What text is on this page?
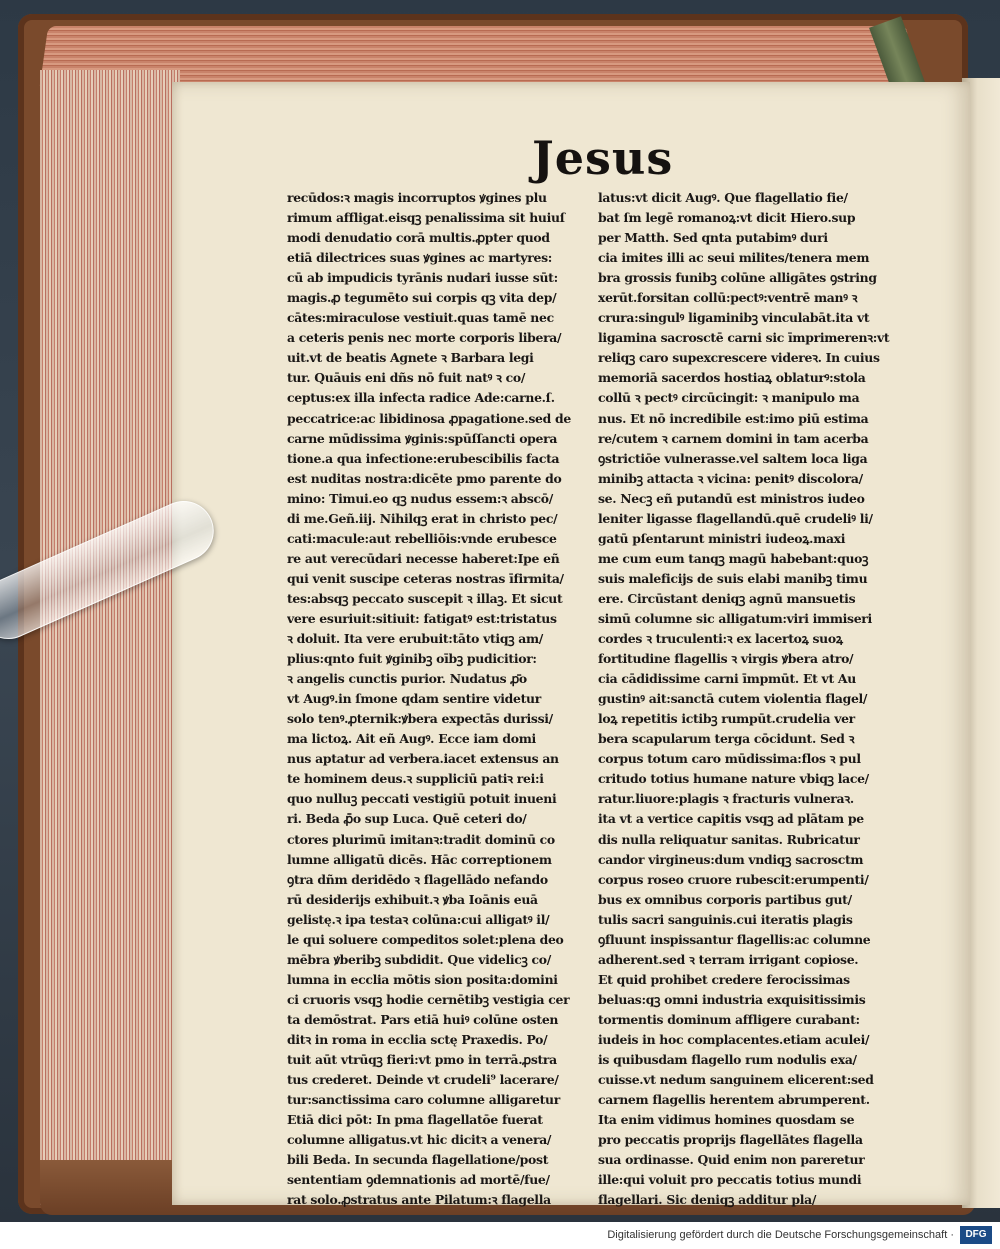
Jesus
recūdos:ꝛ magis incorruptos ꝟgines plu
rimum affligat.eisqꝫ penalissima sit huiuſ
modi denudatio corā multis.ꝓpter quod
etiā dilectrices suas ꝟgines ac martyres:
cū ab impudicis tyrānis nudari iusse sūt:
magis.ꝓ tegumēto sui corpis qꝫ vita dep/
cātes:miraculose vestiuit.quas tamē nec
a ceteris penis nec morte corporis libera/
uit.vt de beatis Agnete ꝛ Barbara legi
tur. Quāuis eni dñs nō fuit natꝰ ꝛ co/
ceptus:ex illa infecta radice Ade:carne.ſ.
peccatrice:ac libidinosa ꝓpagatione.sed de
carne mūdissima ꝟginis:spūſſancti opera
tione.a qua infectione:erubescibilis facta
est nuditas nostra:dicēte pmo parente do
mino: Timui.eo qꝫ nudus essem:ꝛ abscō/
di me.Geñ.iij. Nihilqꝫ erat in christo pec/
cati:macule:aut rebelliōis:vnde erubesce
re aut verecūdari necesse haberet:Ipe eñ
qui venit suscipe ceteras nostras īfirmita/
tes:absqꝫ peccato suscepit ꝛ illaꝫ. Et sicut
vere esuriuit:sitiuit: fatigatꝰ est:tristatus
ꝛ doluit. Ita vere erubuit:tāto vtiqꝫ am/
plius:qnto fuit ꝟginibꝫ oībꝫ pudicitior:
ꝛ angelis cunctis purior. Nudatus ꝓ̄o
vt Augꝰ.in ſmone qdam sentire videtur
solo tenꝰ.ꝓternik:ꝟbera expectās durissi/
ma lictoꝝ. Ait eñ Augꝰ. Ecce iam domi
nus aptatur ad verbera.iacet extensus an
te hominem deus.ꝛ suppliciū patiꝛ rei:i
quo nulluꝫ peccati vestigiū potuit inueni
ri. Beda ꝓ̄o sup Luca. Quē ceteri do/
ctores plurimū imitanꝛ:tradit dominū co
lumne alligatū dicēs. Hāc correptionem
ꝯtra dñm deridēdo ꝛ flagellādo nefando
rū desiderijs exhibuit.ꝛ ꝟba Ioānis euā
gelistę.ꝛ ipa testaꝛ colūna:cui alligatꝰ il/
le qui soluere compeditos solet:plena deo
mēbra ꝟberibꝫ subdidit. Que videlicꝫ co/
lumna in ecclia mōtis sion posita:domini
ci cruoris vsqꝫ hodie cernētibꝫ vestigia cer
ta demōstrat. Pars etiā huiꝰ colūne osten
ditꝛ in roma in ecclia sctę Praxedis. Po/
tuit aūt vtrūqꝫ fieri:vt pmo in terrā.ꝓstra
tus crederet. Deinde vt crudeli⁹ lacerare/
tur:sanctissima caro columne alligaretur
Etiā dici pōt: In pma flagellatōe fuerat
columne alligatus.vt hic dicitꝛ a venera/
bili Beda. In secunda flagellatione/post
sententiam ꝯdemnationis ad mortē/fue/
rat solo.ꝓstratus ante Pilatum:ꝛ flagella
latus:vt dicit Augꝰ. Que flagellatio fie/
bat ſm legē romanoꝝ:vt dicit Hiero.sup
per Matth. Sed qnta putabimꝰ duri
cia imites illi ac seui milites/tenera mem
bra grossis funibꝫ colūne alligātes ꝯstring
xerūt.forsitan collū:pectꝰ:ventrē manꝰ ꝛ
crura:singulꝰ ligaminibꝫ vinculabāt.ita vt
ligamina sacrosctē carni sic īmprimerenꝛ:vt
reliqꝫ caro supexcrescere videreꝛ. In cuius
memoriā sacerdos hostiaꝝ oblaturꝰ:stola
collū ꝛ pectꝰ circūcingit: ꝛ manipulo ma
nus. Et nō incredibile est:imo piū estima
re/cutem ꝛ carnem domini in tam acerba
ꝯstrictiōe vulnerasse.vel saltem loca liga
minibꝫ attacta ꝛ vicina: penitꝰ discolora/
se. Necꝫ eñ putandū est ministros iudeo
leniter ligasse flagellandū.quē crudeliꝰ li/
gatū pſentarunt ministri iudeoꝝ.maxi
me cum eum tanqꝫ magū habebant:quoꝫ
suis maleficijs de suis elabi manibꝫ timu
ere. Circūstant deniqꝫ agnū mansuetis
simū columne sic alligatum:viri immiseri
cordes ꝛ truculenti:ꝛ ex lacertoꝝ suoꝝ
fortitudine flagellis ꝛ virgis ꝟbera atro/
cia cādidissime carni īmpmūt. Et vt Au
gustinꝰ ait:sanctā cutem violentia flagel/
loꝝ repetitis ictibꝫ rumpūt.crudelia ver
bera scapularum terga cōcidunt. Sed ꝛ
corpus totum caro mūdissima:flos ꝛ pul
critudo totius humane nature vbiqꝫ lace/
ratur.liuore:plagis ꝛ fracturis vulneraꝛ.
ita vt a vertice capitis vsqꝫ ad plātam pe
dis nulla reliquatur sanitas. Rubricatur
candor virgineus:dum vndiqꝫ sacrosctm
corpus roseo cruore rubescit:erumpenti/
bus ex omnibus corporis partibus gut/
tulis sacri sanguinis.cui iteratis plagis
ꝯfluunt inspissantur flagellis:ac columne
adherent.sed ꝛ terram irrigant copiose.
Et quid prohibet credere ferocissimas
beluas:qꝫ omni industria exquisitissimis
tormentis dominum affligere curabant:
iudeis in hoc complacentes.etiam aculei/
is quibusdam flagello rum nodulis exa/
cuisse.vt nedum sanguinem elicerent:sed
carnem flagellis herentem abrumperent.
Ita enim vidimus homines quosdam se
pro peccatis proprijs flagellātes flagella
sua ordinasse. Quid enim non pareretur
ille:qui voluit pro peccatis totius mundi
flagellari. Sic deniqꝫ additur pla/
Digitalisierung gefördert durch die Deutsche Forschungsgemeinschaft ·	DFG
